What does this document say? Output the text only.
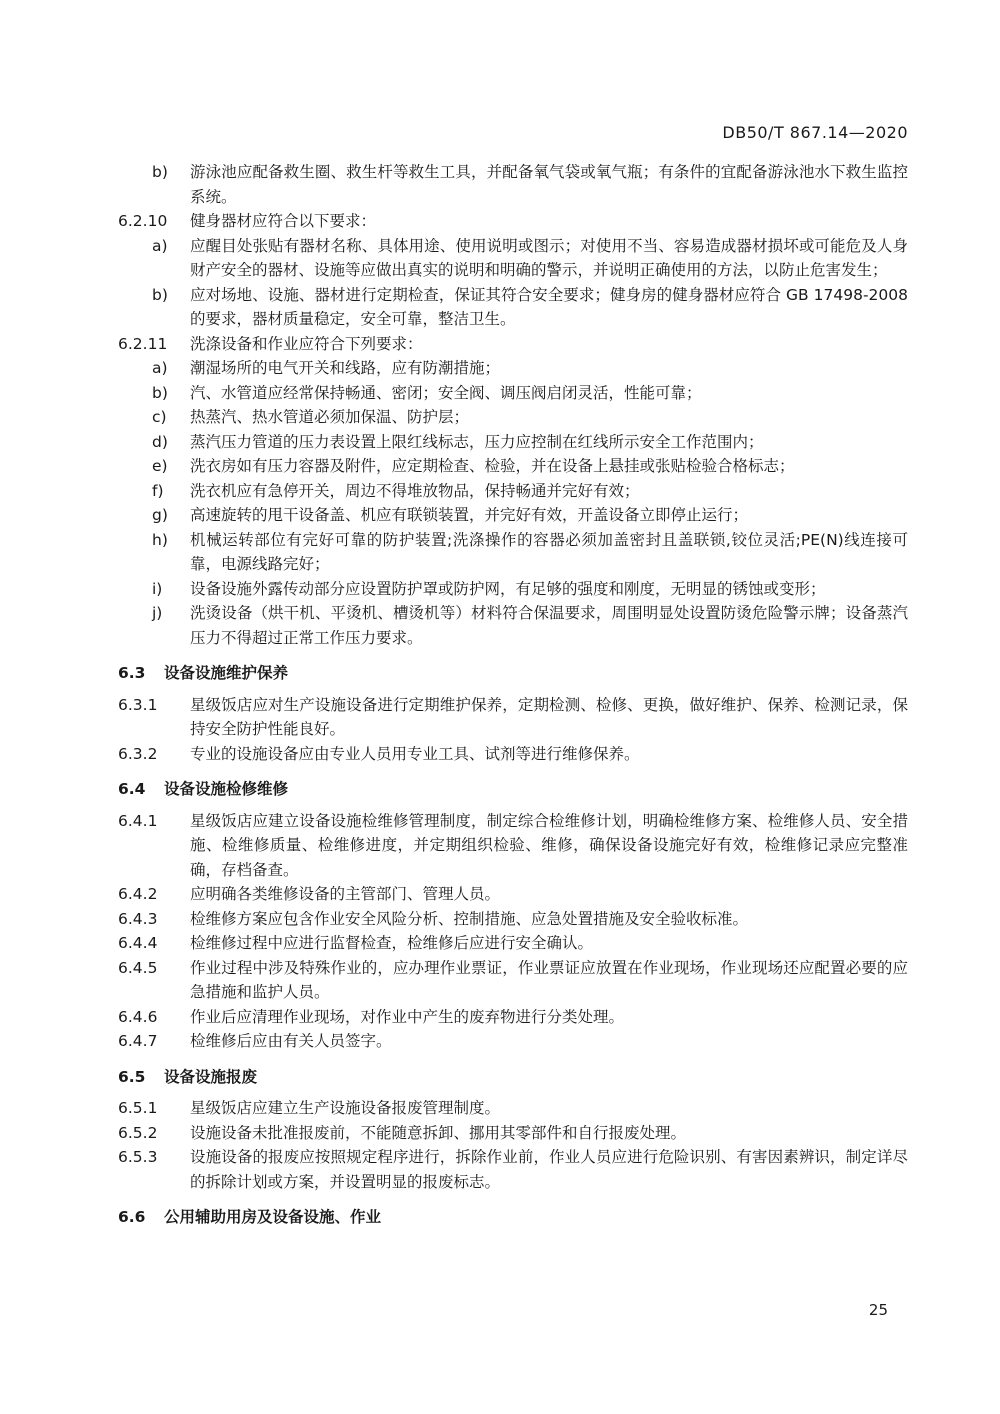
DB50/T 867.14—2020
b)	游泳池应配备救生圈、救生杆等救生工具，并配备氧气袋或氧气瓶；有条件的宜配备游泳池水下救生监控系统。
6.2.10	健身器材应符合以下要求：
a)	应醒目处张贴有器材名称、具体用途、使用说明或图示；对使用不当、容易造成器材损坏或可能危及人身财产安全的器材、设施等应做出真实的说明和明确的警示，并说明正确使用的方法，以防止危害发生；
b)	应对场地、设施、器材进行定期检查，保证其符合安全要求；健身房的健身器材应符合 GB 17498-2008 的要求，器材质量稳定，安全可靠，整洁卫生。
6.2.11	洗涤设备和作业应符合下列要求：
a)	潮湿场所的电气开关和线路，应有防潮措施；
b)	汽、水管道应经常保持畅通、密闭；安全阀、调压阀启闭灵活，性能可靠；
c)	热蒸汽、热水管道必须加保温、防护层；
d)	蒸汽压力管道的压力表设置上限红线标志，压力应控制在红线所示安全工作范围内；
e)	洗衣房如有压力容器及附件，应定期检查、检验，并在设备上悬挂或张贴检验合格标志；
f)	洗衣机应有急停开关，周边不得堆放物品，保持畅通并完好有效；
g)	高速旋转的甩干设备盖、机应有联锁装置，并完好有效，开盖设备立即停止运行；
h)	机械运转部位有完好可靠的防护装置;洗涤操作的容器必须加盖密封且盖联锁,铰位灵活;PE(N)线连接可靠，电源线路完好；
i)	设备设施外露传动部分应设置防护罩或防护网，有足够的强度和刚度，无明显的锈蚀或变形；
j)	洗烫设备（烘干机、平烫机、槽烫机等）材料符合保温要求，周围明显处设置防烫危险警示牌；设备蒸汽压力不得超过正常工作压力要求。
6.3	设备设施维护保养
6.3.1	星级饭店应对生产设施设备进行定期维护保养，定期检测、检修、更换，做好维护、保养、检测记录，保持安全防护性能良好。
6.3.2	专业的设施设备应由专业人员用专业工具、试剂等进行维修保养。
6.4	设备设施检修维修
6.4.1	星级饭店应建立设备设施检维修管理制度，制定综合检维修计划，明确检维修方案、检维修人员、安全措施、检维修质量、检维修进度，并定期组织检验、维修，确保设备设施完好有效，检维修记录应完整准确，存档备查。
6.4.2	应明确各类维修设备的主管部门、管理人员。
6.4.3	检维修方案应包含作业安全风险分析、控制措施、应急处置措施及安全验收标准。
6.4.4	检维修过程中应进行监督检查，检维修后应进行安全确认。
6.4.5	作业过程中涉及特殊作业的，应办理作业票证，作业票证应放置在作业现场，作业现场还应配置必要的应急措施和监护人员。
6.4.6	作业后应清理作业现场，对作业中产生的废弃物进行分类处理。
6.4.7	检维修后应由有关人员签字。
6.5	设备设施报废
6.5.1	星级饭店应建立生产设施设备报废管理制度。
6.5.2	设施设备未批准报废前，不能随意拆卸、挪用其零部件和自行报废处理。
6.5.3	设施设备的报废应按照规定程序进行，拆除作业前，作业人员应进行危险识别、有害因素辨识，制定详尽的拆除计划或方案，并设置明显的报废标志。
6.6	公用辅助用房及设备设施、作业
25
